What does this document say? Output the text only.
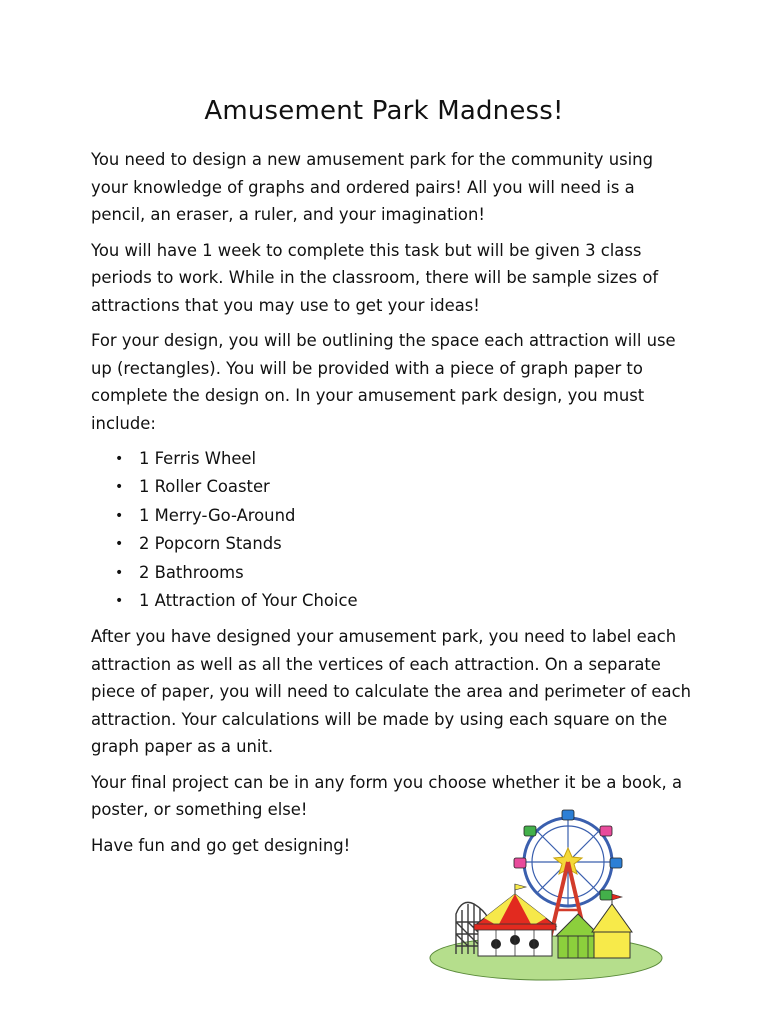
Amusement Park Madness!

You need to design a new amusement park for the community using your knowledge of graphs and ordered pairs! All you will need is a pencil, an eraser, a ruler, and your imagination!

You will have 1 week to complete this task but will be given 3 class periods to work. While in the classroom, there will be sample sizes of attractions that you may use to get your ideas!

For your design, you will be outlining the space each attraction will use up (rectangles). You will be provided with a piece of graph paper to complete the design on. In your amusement park design, you must include:

• 1 Ferris Wheel
• 1 Roller Coaster
• 1 Merry-Go-Around
• 2 Popcorn Stands
• 2 Bathrooms
• 1 Attraction of Your Choice

After you have designed your amusement park, you need to label each attraction as well as all the vertices of each attraction. On a separate piece of paper, you will need to calculate the area and perimeter of each attraction. Your calculations will be made by using each square on the graph paper as a unit.

Your final project can be in any form you choose whether it be a book, a poster, or something else!

Have fun and go get designing!
